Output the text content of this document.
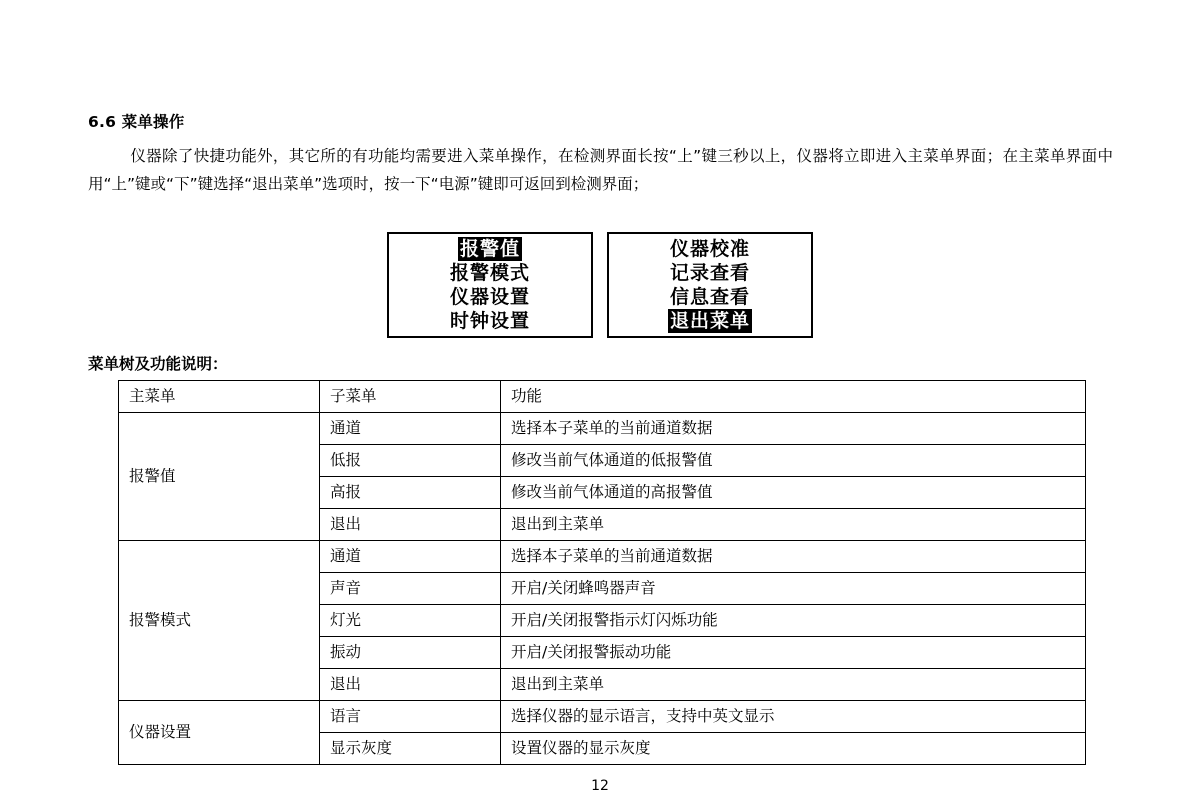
6.6 菜单操作
仪器除了快捷功能外，其它所的有功能均需要进入菜单操作，在检测界面长按“上”键三秒以上，仪器将立即进入主菜单界面；在主菜单界面中用“上”键或“下”键选择“退出菜单”选项时，按一下“电源”键即可返回到检测界面；
报警值
报警模式
仪器设置
时钟设置
仪器校准
记录查看
信息查看
退出菜单
菜单树及功能说明：
主菜单	子菜单	功能
报警值	通道	选择本子菜单的当前通道数据
	低报	修改当前气体通道的低报警值
	高报	修改当前气体通道的高报警值
	退出	退出到主菜单
报警模式	通道	选择本子菜单的当前通道数据
	声音	开启/关闭蜂鸣器声音
	灯光	开启/关闭报警指示灯闪烁功能
	振动	开启/关闭报警振动功能
	退出	退出到主菜单
仪器设置	语言	选择仪器的显示语言，支持中英文显示
	显示灰度	设置仪器的显示灰度
12
